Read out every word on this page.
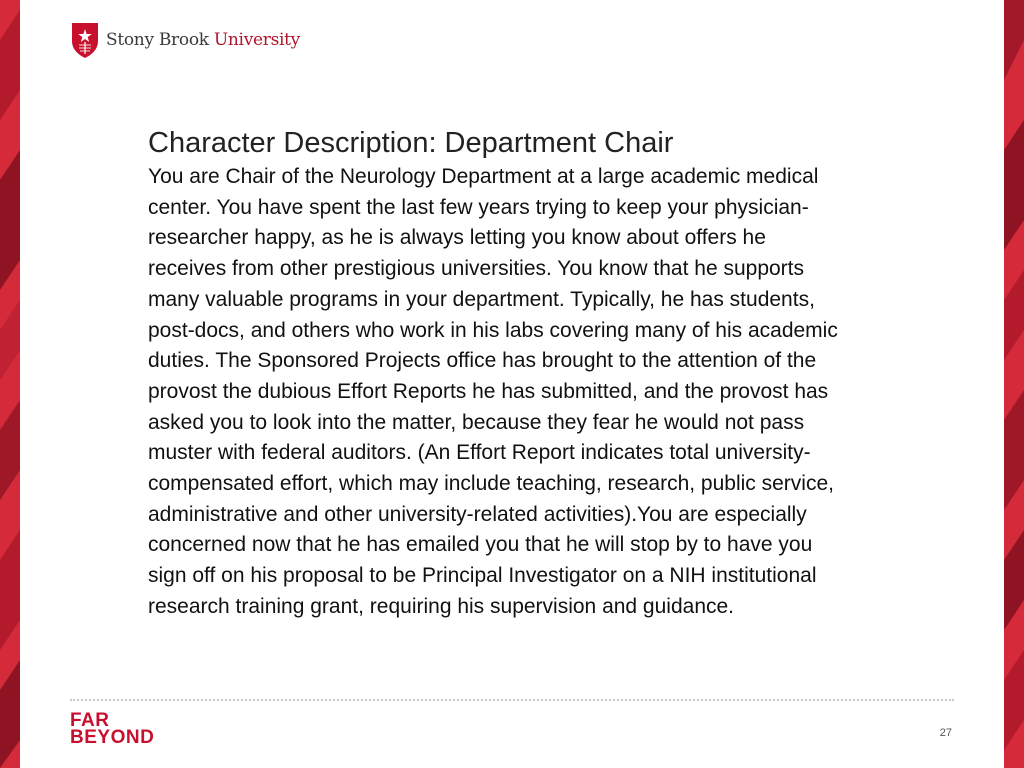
Stony Brook University
Character Description: Department Chair

You are Chair of the Neurology Department at a large academic medical
center. You have spent the last few years trying to keep your physician-
researcher happy, as he is always letting you know about offers he
receives from other prestigious universities. You know that he supports
many valuable programs in your department. Typically, he has students,
post-docs, and others who work in his labs covering many of his academic
duties. The Sponsored Projects office has brought to the attention of the
provost the dubious Effort Reports he has submitted, and the provost has
asked you to look into the matter, because they fear he would not pass
muster with federal auditors. (An Effort Report indicates total university-
compensated effort, which may include teaching, research, public service,
administrative and other university-related activities).You are especially
concerned now that he has emailed you that he will stop by to have you
sign off on his proposal to be Principal Investigator on a NIH institutional
research training grant, requiring his supervision and guidance.

FAR
BEYOND	27
